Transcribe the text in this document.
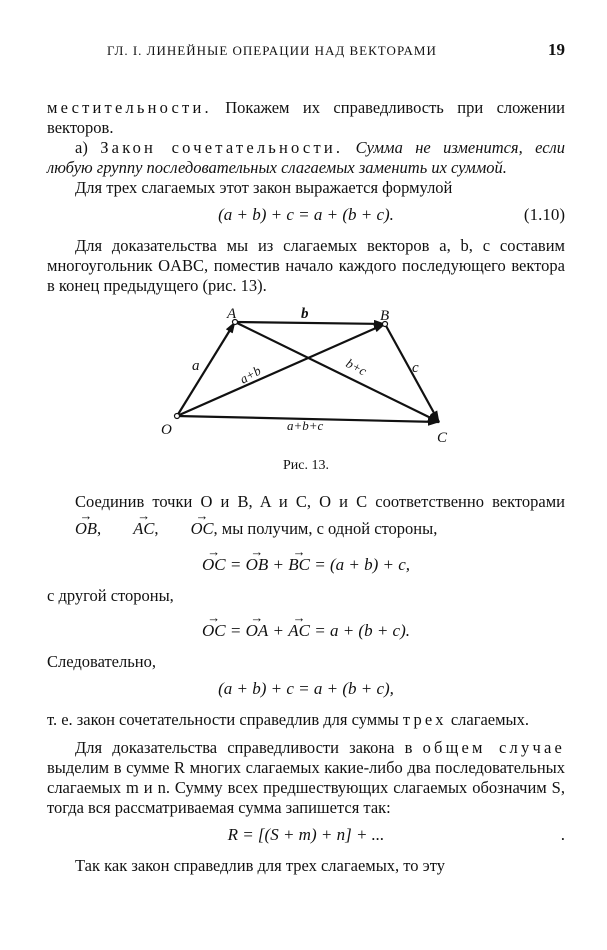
ГЛ. I. ЛИНЕЙНЫЕ ОПЕРАЦИИ НАД ВЕКТОРАМИ	19

местительности. Покажем их справедливость при сложении векторов.

а) Закон сочетательности. Сумма не изменится, если любую группу последовательных слагаемых заменить их суммой.

Для трех слагаемых этот закон выражается формулой

(a + b) + c = a + (b + c).	(1.10)

Для доказательства мы из слагаемых векторов a, b, c составим многоугольник OABC, поместив начало каждого последующего вектора в конец предыдущего (рис. 13).

O
A	B
C
a
b
c
a+b	b+c
a+b+c
Рис. 13.

Соединив точки O и B, A и C, O и C соответственно векторами → OB, → AC, → OC, мы получим, с одной стороны,

→ OC = → OB + → BC = (a + b) + c,

с другой стороны,

→ OC = → OA + → AC = a + (b + c).

Следовательно,

(a + b) + c = a + (b + c),

т. е. закон сочетательности справедлив для суммы трех слагаемых.

Для доказательства справедливости закона в общем случае выделим в сумме R многих слагаемых какие-либо два последовательных слагаемых m и n. Сумму всех предшествующих слагаемых обозначим S, тогда вся рассматриваемая сумма запишется так:

R = [(S + m) + n] + ...	.

Так как закон справедлив для трех слагаемых, то эту
